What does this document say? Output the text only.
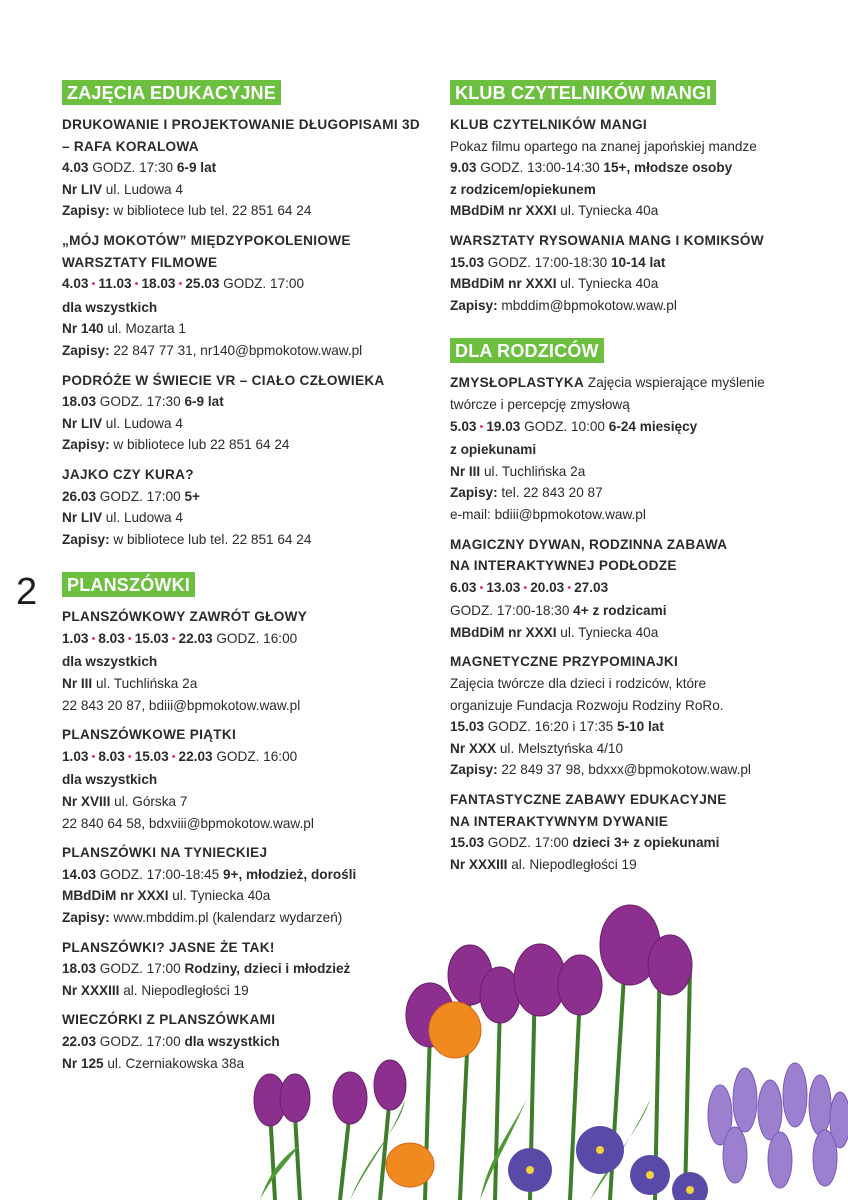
2
ZAJĘCIA EDUKACYJNE
DRUKOWANIE I PROJEKTOWANIE DŁUGOPISAMI 3D
– RAFA KORALOWA
4.03 GODZ. 17:30 6-9 lat
Nr LIV ul. Ludowa 4
Zapisy: w bibliotece lub tel. 22 851 64 24
„MÓJ MOKOTÓW” MIĘDZYPOKOLENIOWE
WARSZTATY FILMOWE
4.03 • 11.03 • 18.03 • 25.03 GODZ. 17:00
dla wszystkich
Nr 140 ul. Mozarta 1
Zapisy: 22 847 77 31, nr140@bpmokotow.waw.pl
PODRÓŻE W ŚWIECIE VR – CIAŁO CZŁOWIEKA
18.03 GODZ. 17:30 6-9 lat
Nr LIV ul. Ludowa 4
Zapisy: w bibliotece lub 22 851 64 24
JAJKO CZY KURA?
26.03 GODZ. 17:00 5+
Nr LIV ul. Ludowa 4
Zapisy: w bibliotece lub tel. 22 851 64 24
PLANSZÓWKI
PLANSZÓWKOWY ZAWRÓT GŁOWY
1.03 • 8.03 • 15.03 • 22.03 GODZ. 16:00
dla wszystkich
Nr III ul. Tuchlińska 2a
22 843 20 87, bdiii@bpmokotow.waw.pl
PLANSZÓWKOWE PIĄTKI
1.03 • 8.03 • 15.03 • 22.03 GODZ. 16:00
dla wszystkich
Nr XVIII ul. Górska 7
22 840 64 58, bdxviii@bpmokotow.waw.pl
PLANSZÓWKI NA TYNIECKIEJ
14.03 GODZ. 17:00-18:45 9+, młodzież, dorośli
MBdDiM nr XXXI ul. Tyniecka 40a
Zapisy: www.mbddim.pl (kalendarz wydarzeń)
PLANSZÓWKI? JASNE ŻE TAK!
18.03 GODZ. 17:00 Rodziny, dzieci i młodzież
Nr XXXIII al. Niepodległości 19
WIECZÓRKI Z PLANSZÓWKAMI
22.03 GODZ. 17:00 dla wszystkich
Nr 125 ul. Czerniakowska 38a
KLUB CZYTELNIKÓW MANGI
KLUB CZYTELNIKÓW MANGI
Pokaz filmu opartego na znanej japońskiej mandze
9.03 GODZ. 13:00-14:30 15+, młodsze osoby
z rodzicem/opiekunem
MBdDiM nr XXXI ul. Tyniecka 40a
WARSZTATY RYSOWANIA MANG I KOMIKSÓW
15.03 GODZ. 17:00-18:30 10-14 lat
MBdDiM nr XXXI ul. Tyniecka 40a
Zapisy: mbddim@bpmokotow.waw.pl
DLA RODZICÓW
ZMYSŁOPLASTYKA Zajęcia wspierające myślenie
twórcze i percepcję zmysłową
5.03 • 19.03 GODZ. 10:00 6-24 miesięcy
z opiekunami
Nr III ul. Tuchlińska 2a
Zapisy: tel. 22 843 20 87
e-mail: bdiii@bpmokotow.waw.pl
MAGICZNY DYWAN, RODZINNA ZABAWA
NA INTERAKTYWNEJ PODŁODZE
6.03 • 13.03 • 20.03 • 27.03
GODZ. 17:00-18:30 4+ z rodzicami
MBdDiM nr XXXI ul. Tyniecka 40a
MAGNETYCZNE PRZYPOMINAJKI
Zajęcia twórcze dla dzieci i rodziców, które
organizuje Fundacja Rozwoju Rodziny RoRo.
15.03 GODZ. 16:20 i 17:35 5-10 lat
Nr XXX ul. Melsztyńska 4/10
Zapisy: 22 849 37 98, bdxxx@bpmokotow.waw.pl
FANTASTYCZNE ZABAWY EDUKACYJNE
NA INTERAKTYWNYM DYWANIE
15.03 GODZ. 17:00 dzieci 3+ z opiekunami
Nr XXXIII al. Niepodległości 19
